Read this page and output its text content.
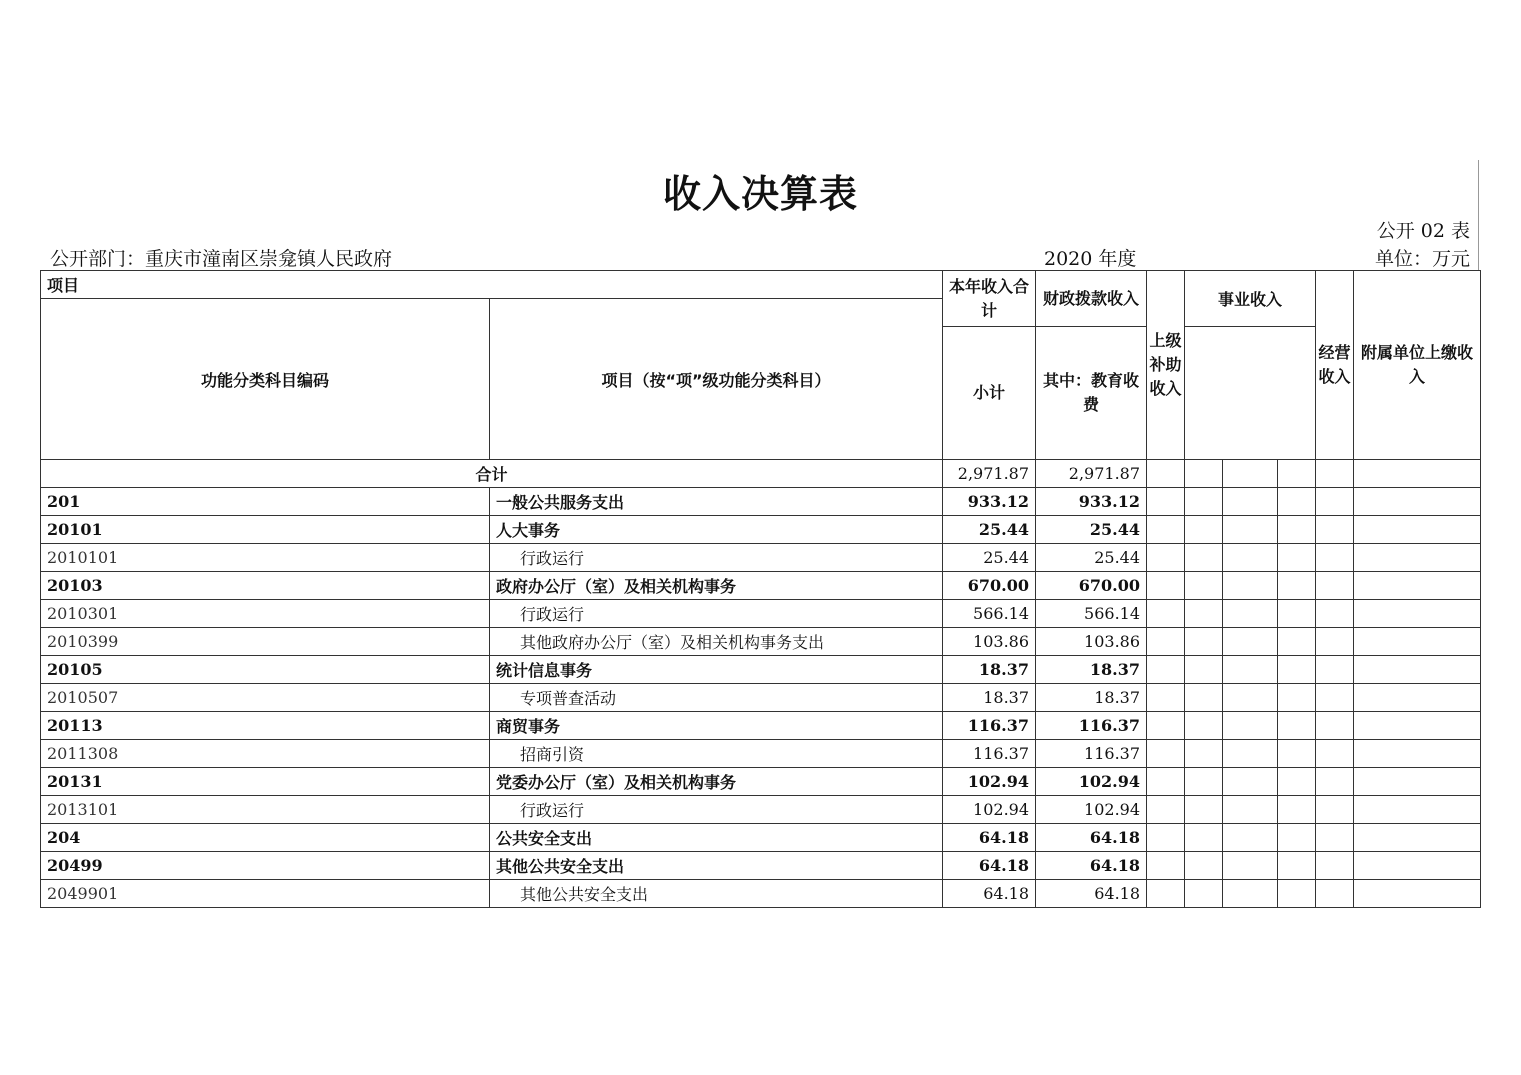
收入决算表
公开 02 表
公开部门：重庆市潼南区崇龛镇人民政府	2020 年度	单位：万元
项目		本年收入合计	财政拨款收入	上级补助收入	事业收入			经营收入	附属单位上缴收入	
功能分类科目编码	项目（按“项”级功能分类科目）									
		小计	其中：教育收费							
合计		2,971.87	2,971.87							
201	一般公共服务支出	933.12	933.12							
20101	人大事务	25.44	25.44							
2010101	行政运行	25.44	25.44							
20103	政府办公厅（室）及相关机构事务	670.00	670.00							
2010301	行政运行	566.14	566.14							
2010399	其他政府办公厅（室）及相关机构事务支出	103.86	103.86							
20105	统计信息事务	18.37	18.37							
2010507	专项普查活动	18.37	18.37							
20113	商贸事务	116.37	116.37							
2011308	招商引资	116.37	116.37							
20131	党委办公厅（室）及相关机构事务	102.94	102.94							
2013101	行政运行	102.94	102.94							
204	公共安全支出	64.18	64.18							
20499	其他公共安全支出	64.18	64.18							
2049901	其他公共安全支出	64.18	64.18							
